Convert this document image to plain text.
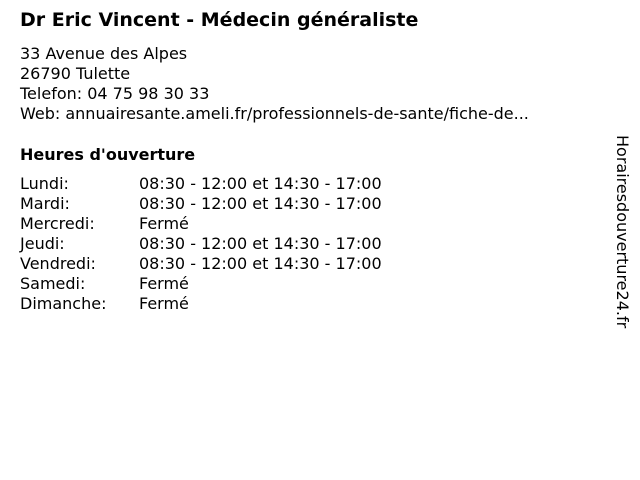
Dr Eric Vincent - Médecin généraliste
33 Avenue des Alpes
26790 Tulette
Telefon: 04 75 98 30 33
Web: annuairesante.ameli.fr/professionnels-de-sante/fiche-de...
Heures d'ouverture
Lundi:	08:30 - 12:00 et 14:30 - 17:00
Mardi:	08:30 - 12:00 et 14:30 - 17:00
Mercredi:	Fermé
Jeudi:	08:30 - 12:00 et 14:30 - 17:00
Vendredi:	08:30 - 12:00 et 14:30 - 17:00
Samedi:	Fermé
Dimanche: Fermé	Horairesdouverture24.fr
